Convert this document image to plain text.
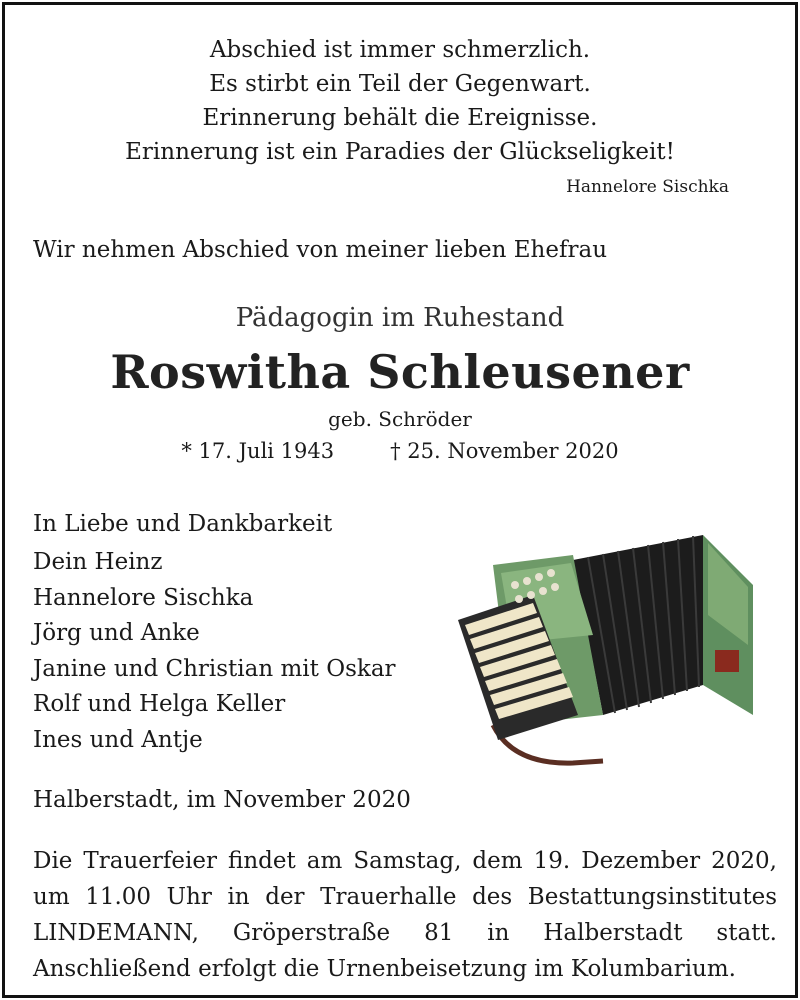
Abschied ist immer schmerzlich.
Es stirbt ein Teil der Gegenwart.
Erinnerung behält die Ereignisse.
Erinnerung ist ein Paradies der Glückseligkeit!
Hannelore Sischka
Wir nehmen Abschied von meiner lieben Ehefrau
Pädagogin im Ruhestand
Roswitha Schleusener
geb. Schröder
* 17. Juli 1943	† 25. November 2020
In Liebe und Dankbarkeit
Dein Heinz
Hannelore Sischka
Jörg und Anke
Janine und Christian mit Oskar
Rolf und Helga Keller
Ines und Antje
Halberstadt, im November 2020
Die Trauerfeier findet am Samstag, dem 19. Dezember 2020, um 11.00 Uhr in der Trauerhalle des Bestattungsinstitutes LINDEMANN, Gröperstraße 81 in Halberstadt statt. Anschließend erfolgt die Urnenbeisetzung im Kolumbarium.
